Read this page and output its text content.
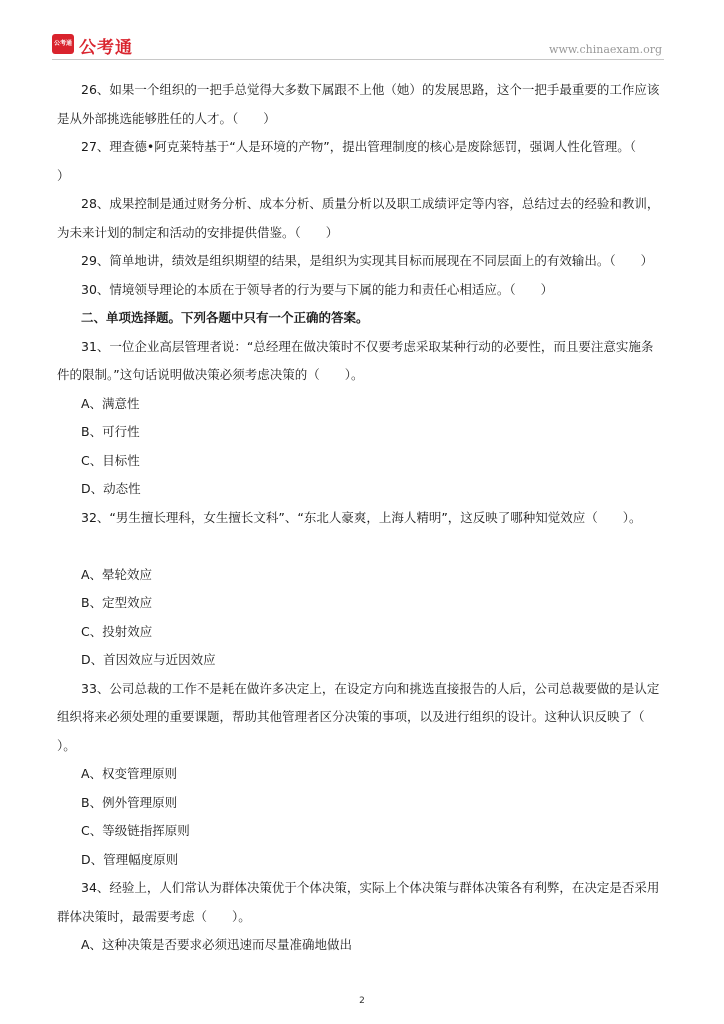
公考通 公考通	www.chinaexam.org
26、如果一个组织的一把手总觉得大多数下属跟不上他（她）的发展思路，这个一把手最重要的工作应该
是从外部挑选能够胜任的人才。（　　）
27、理查德•阿克莱特基于“人是环境的产物”，提出管理制度的核心是废除惩罚，强调人性化管理。（
）
28、成果控制是通过财务分析、成本分析、质量分析以及职工成绩评定等内容，总结过去的经验和教训，
为未来计划的制定和活动的安排提供借鉴。（　　）
29、简单地讲，绩效是组织期望的结果，是组织为实现其目标而展现在不同层面上的有效输出。（　　）
30、情境领导理论的本质在于领导者的行为要与下属的能力和责任心相适应。（　　）
二、单项选择题。下列各题中只有一个正确的答案。
31、一位企业高层管理者说：“总经理在做决策时不仅要考虑采取某种行动的必要性，而且要注意实施条
件的限制。”这句话说明做决策必须考虑决策的（　　）。
A、满意性
B、可行性
C、目标性
D、动态性
32、“男生擅长理科，女生擅长文科”、“东北人豪爽，上海人精明”，这反映了哪种知觉效应（　　）。
A、晕轮效应
B、定型效应
C、投射效应
D、首因效应与近因效应
33、公司总裁的工作不是耗在做许多决定上，在设定方向和挑选直接报告的人后，公司总裁要做的是认定
组织将来必须处理的重要课题，帮助其他管理者区分决策的事项，以及进行组织的设计。这种认识反映了（
）。
A、权变管理原则
B、例外管理原则
C、等级链指挥原则
D、管理幅度原则
34、经验上，人们常认为群体决策优于个体决策，实际上个体决策与群体决策各有利弊，在决定是否采用
群体决策时，最需要考虑（　　）。
A、这种决策是否要求必须迅速而尽量准确地做出
2
